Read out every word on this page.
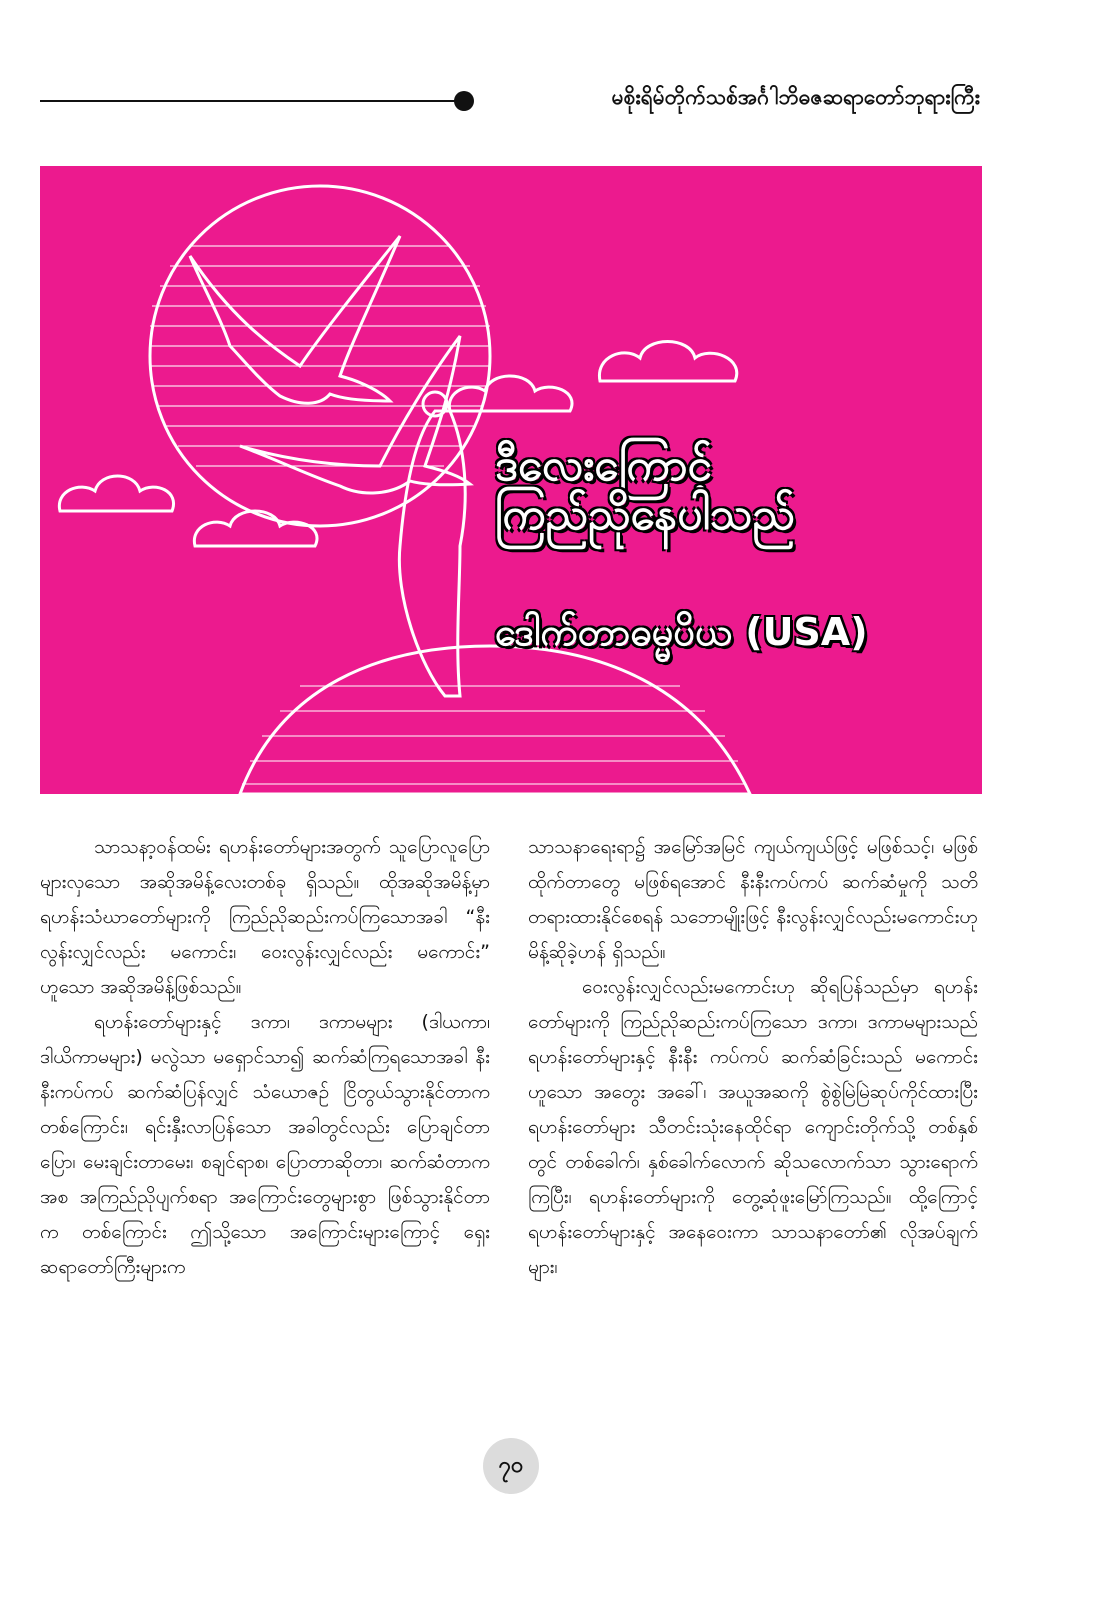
မစိုးရိမ်တိုက်သစ်အင်္ဂါဘိဓဇဆရာတော်ဘုရားကြီး
ဒီလေးကြောင့်
ကြည်ညိုနေပါသည်
ဒေါက်တာဓမ္မပိယ (USA)

သာသနာ့ဝန်ထမ်း ရဟန်းတော်များအတွက် သူပြောလူပြော များလှသော အဆိုအမိန့်လေးတစ်ခု ရှိသည်။ ထိုအဆိုအမိန့်မှာ ရဟန်းသံဃာတော်များကို ကြည်ညိုဆည်းကပ်ကြသောအခါ “နီးလွန်းလျှင်လည်း မကောင်း၊ ဝေးလွန်းလျှင်လည်း မကောင်း” ဟူသော အဆိုအမိန့်ဖြစ်သည်။

ရဟန်းတော်များနှင့် ဒကာ၊ ဒကာမများ (ဒါယကာ၊ ဒါယိကာမများ) မလွဲသာ မရှောင်သာ၍ ဆက်ဆံကြရသောအခါ နီးနီးကပ်ကပ် ဆက်ဆံပြန်လျှင် သံယောဇဉ် ငြိတွယ်သွားနိုင်တာက တစ်ကြောင်း၊ ရင်းနှီးလာပြန်သော အခါတွင်လည်း ပြောချင်တာပြော၊ မေးချင်းတာမေး၊ စချင်ရာစ၊ ပြောတာဆိုတာ၊ ဆက်ဆံတာကအစ အကြည်ညိုပျက်စရာ အကြောင်းတွေများစွာ ဖြစ်သွားနိုင်တာက တစ်ကြောင်း ဤသို့သော အကြောင်းများကြောင့် ရှေးဆရာတော်ကြီးများက

သာသနာရေးရာ၌ အမြော်အမြင် ကျယ်ကျယ်ဖြင့် မဖြစ်သင့်၊ မဖြစ်ထိုက်တာတွေ မဖြစ်ရအောင် နီးနီးကပ်ကပ် ဆက်ဆံမှုကို သတိတရားထားနိုင်စေရန် သဘောမျိုးဖြင့် နီးလွန်းလျှင်လည်းမကောင်းဟုမိန့်ဆိုခဲ့ဟန် ရှိသည်။

ဝေးလွန်းလျှင်လည်းမကောင်းဟု ဆိုရပြန်သည်မှာ ရဟန်းတော်များကို ကြည်ညိုဆည်းကပ်ကြသော ဒကာ၊ ဒကာမများသည် ရဟန်းတော်များနှင့် နီးနီး ကပ်ကပ် ဆက်ဆံခြင်းသည် မကောင်းဟူသော အတွေး အခေါ်၊ အယူအဆကို စွဲစွဲမြဲမြဲဆုပ်ကိုင်ထားပြီး ရဟန်းတော်များ သီတင်းသုံးနေထိုင်ရာ ကျောင်းတိုက်သို့ တစ်နှစ်တွင် တစ်ခေါက်၊ နှစ်ခေါက်လောက် ဆိုသလောက်သာ သွားရောက်ကြပြီး၊ ရဟန်းတော်များကို တွေ့ဆုံဖူးမြော်ကြသည်။ ထို့ကြောင့် ရဟန်းတော်များနှင့် အနေဝေးကာ သာသနာတော်၏ လိုအပ်ချက်များ၊

၇၀
